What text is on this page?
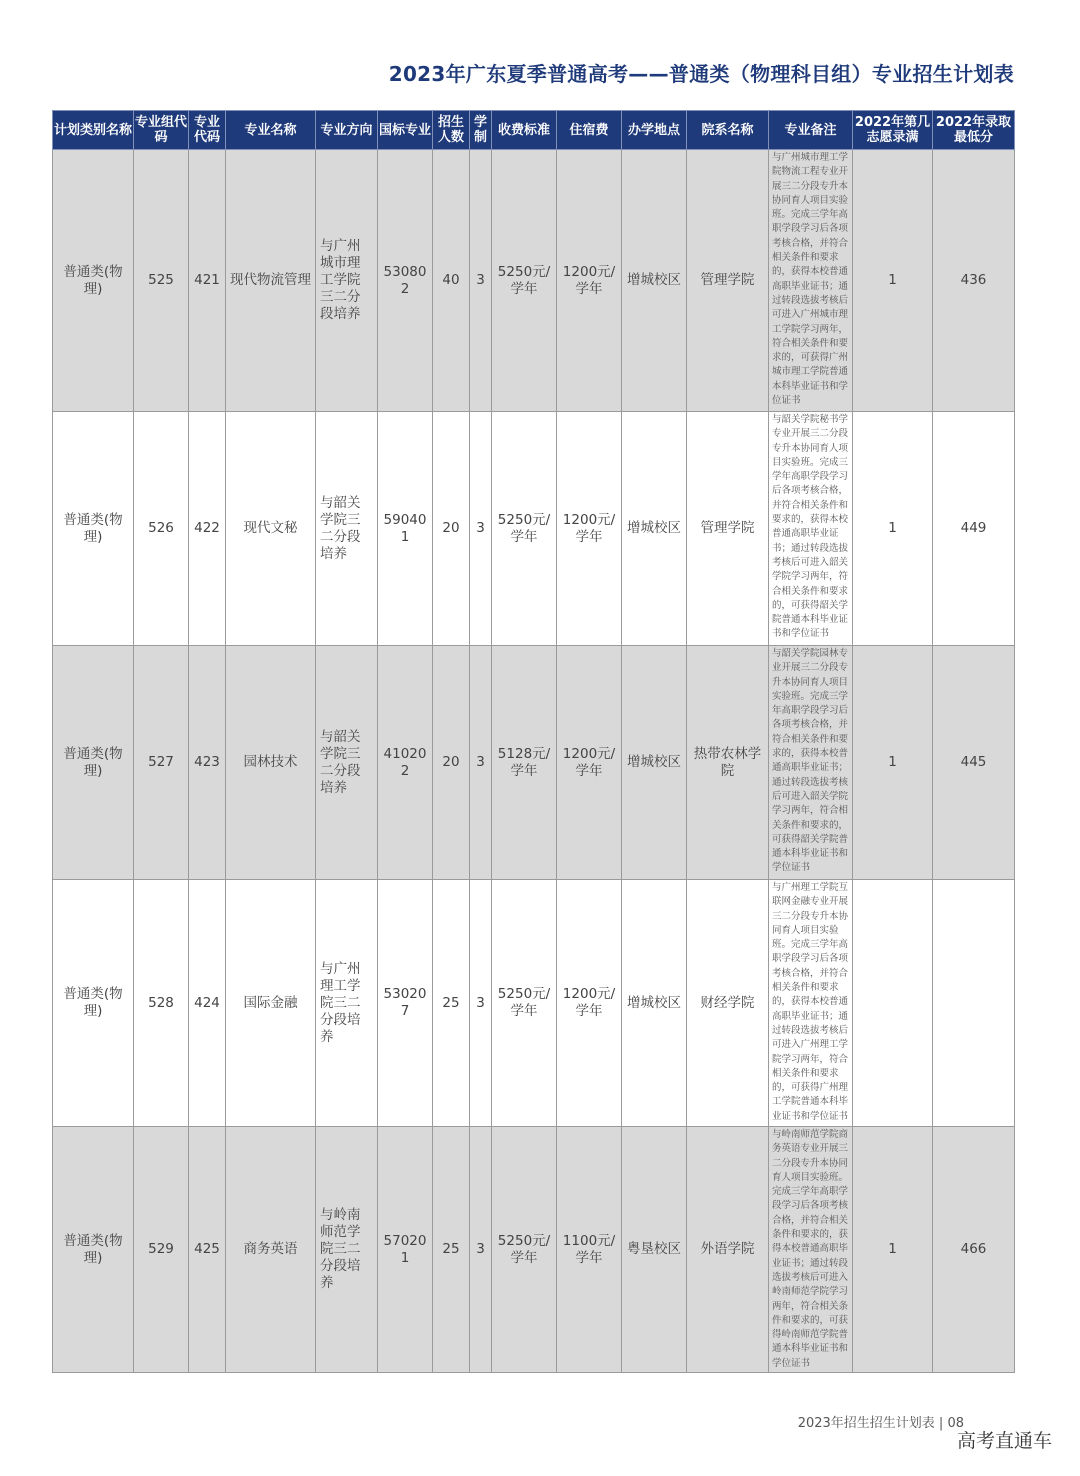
2023年广东夏季普通高考——普通类（物理科目组）专业招生计划表
计划类别名称	专业组代码	专业代码	专业名称	专业方向	国标专业	招生人数	学制	收费标准	住宿费	办学地点	院系名称	专业备注	2022年第几志愿录满	2022年录取最低分
普通类(物理)	525	421	现代物流管理	与广州城市理工学院三二分段培养	530802	40	3	5250元/学年	1200元/学年	增城校区	管理学院	与广州城市理工学院物流工程专业开展三二分段专升本协同育人项目实验班。完成三学年高职学段学习后各项考核合格，并符合相关条件和要求的，获得本校普通高职毕业证书；通过转段选拔考核后可进入广州城市理工学院学习两年，符合相关条件和要求的，可获得广州城市理工学院普通本科毕业证书和学位证书	1	436
普通类(物理)	526	422	现代文秘	与韶关学院三二分段培养	590401	20	3	5250元/学年	1200元/学年	增城校区	管理学院	与韶关学院秘书学专业开展三二分段专升本协同育人项目实验班。完成三学年高职学段学习后各项考核合格，并符合相关条件和要求的，获得本校普通高职毕业证书；通过转段选拔考核后可进入韶关学院学习两年，符合相关条件和要求的，可获得韶关学院普通本科毕业证书和学位证书	1	449
普通类(物理)	527	423	园林技术	与韶关学院三二分段培养	410202	20	3	5128元/学年	1200元/学年	增城校区	热带农林学院	与韶关学院园林专业开展三二分段专升本协同育人项目实验班。完成三学年高职学段学习后各项考核合格，并符合相关条件和要求的，获得本校普通高职毕业证书；通过转段选拔考核后可进入韶关学院学习两年，符合相关条件和要求的，可获得韶关学院普通本科毕业证书和学位证书	1	445
普通类(物理)	528	424	国际金融	与广州理工学院三二分段培养	530207	25	3	5250元/学年	1200元/学年	增城校区	财经学院	与广州理工学院互联网金融专业开展三二分段专升本协同育人项目实验班。完成三学年高职学段学习后各项考核合格，并符合相关条件和要求的，获得本校普通高职毕业证书；通过转段选拔考核后可进入广州理工学院学习两年，符合相关条件和要求的，可获得广州理工学院普通本科毕业证书和学位证书		
普通类(物理)	529	425	商务英语	与岭南师范学院三二分段培养	570201	25	3	5250元/学年	1100元/学年	粤垦校区	外语学院	与岭南师范学院商务英语专业开展三二分段专升本协同育人项目实验班。完成三学年高职学段学习后各项考核合格，并符合相关条件和要求的，获得本校普通高职毕业证书；通过转段选拔考核后可进入岭南师范学院学习两年，符合相关条件和要求的，可获得岭南师范学院普通本科毕业证书和学位证书	1	466
2023年招生招生计划表 | 08
高考直通车
